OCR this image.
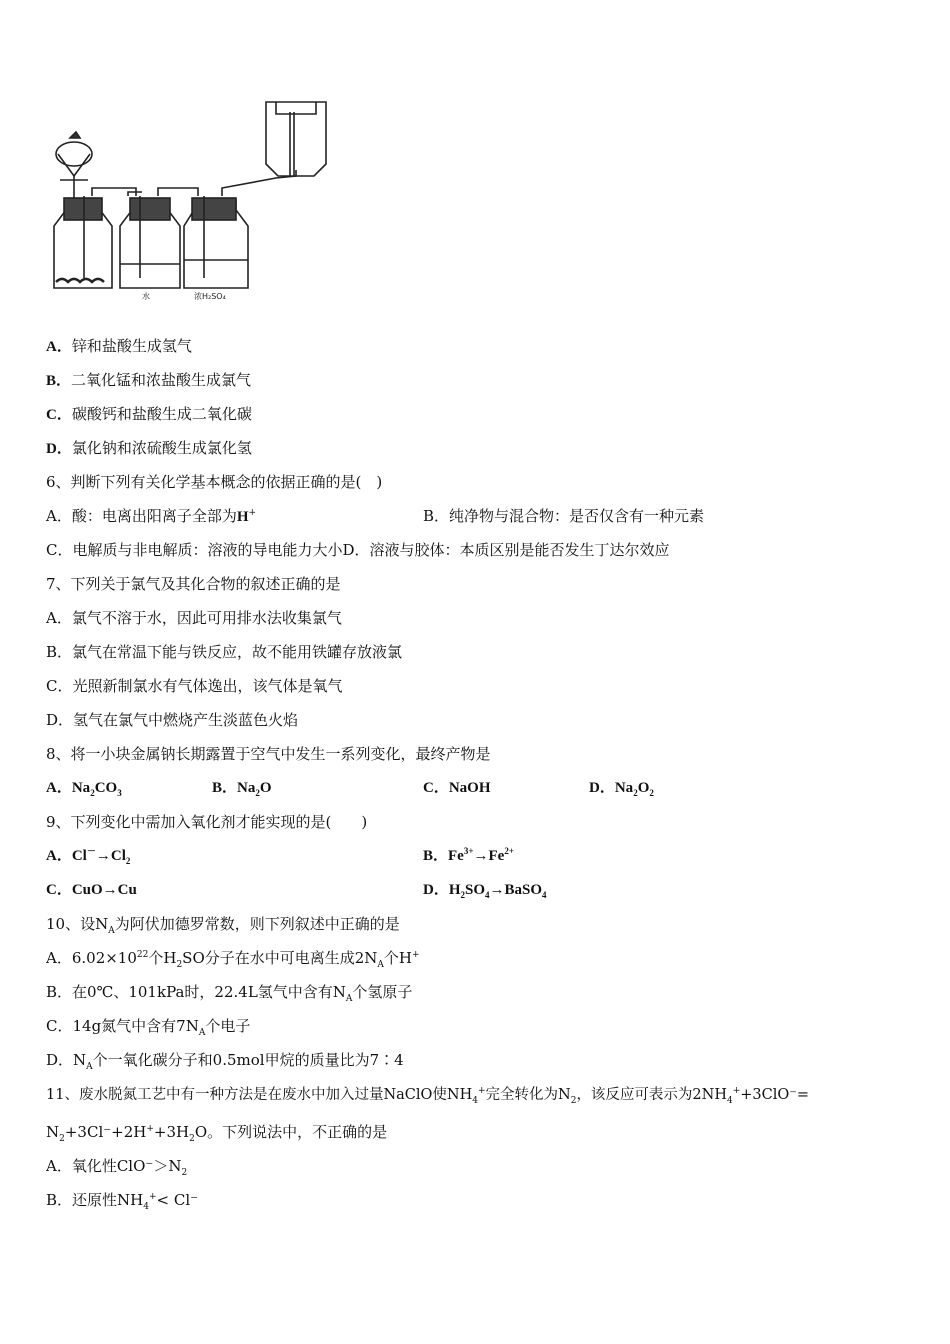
水	浓H₂SO₄
A．锌和盐酸生成氢气
B．二氧化锰和浓盐酸生成氯气
C．碳酸钙和盐酸生成二氧化碳
D．氯化钠和浓硫酸生成氯化氢
6、判断下列有关化学基本概念的依据正确的是(　)
A．酸：电离出阳离子全部为H+	B．纯净物与混合物：是否仅含有一种元素
C．电解质与非电解质：溶液的导电能力大小D．溶液与胶体：本质区别是能否发生丁达尔效应
7、下列关于氯气及其化合物的叙述正确的是
A．氯气不溶于水，因此可用排水法收集氯气
B．氯气在常温下能与铁反应，故不能用铁罐存放液氯
C．光照新制氯水有气体逸出，该气体是氧气
D．氢气在氯气中燃烧产生淡蓝色火焰
8、将一小块金属钠长期露置于空气中发生一系列变化，最终产物是
A．$Na_2CO_3$	B．$Na_2O$	C．NaOH	D．$Na_2O_2$
9、下列变化中需加入氧化剂才能实现的是(　　)
A．$Cl^-\to Cl_2$	B．$Fe^{3+}\to Fe^{2+}$
C．CuO→Cu	D．$H_2SO_4\to BaSO_4$
10、设$N_A$为阿伏加德罗常数，则下列叙述中正确的是
A．$6.02\times 10^{22}$个$H_2SO$分子在水中可电离生成$2N_A$个H+
B．在0℃、101kPa时，22.4L氢气中含有$N_A$个氢原子
C．14g氮气中含有$7N_A$个电子
D．$N_A$个一氧化碳分子和0.5mol甲烷的质量比为7∶4
11、废水脱氮工艺中有一种方法是在废水中加入过量NaClO使$NH_4^+$完全转化为$N_2$，该反应可表示为$2NH_4^++3ClO^-=$
$N_2+3Cl^-+2H^++3H_2O$。下列说法中，不正确的是
A．氧化性$ClO^->N_2$
B．还原性$NH_4^+< Cl^-$
